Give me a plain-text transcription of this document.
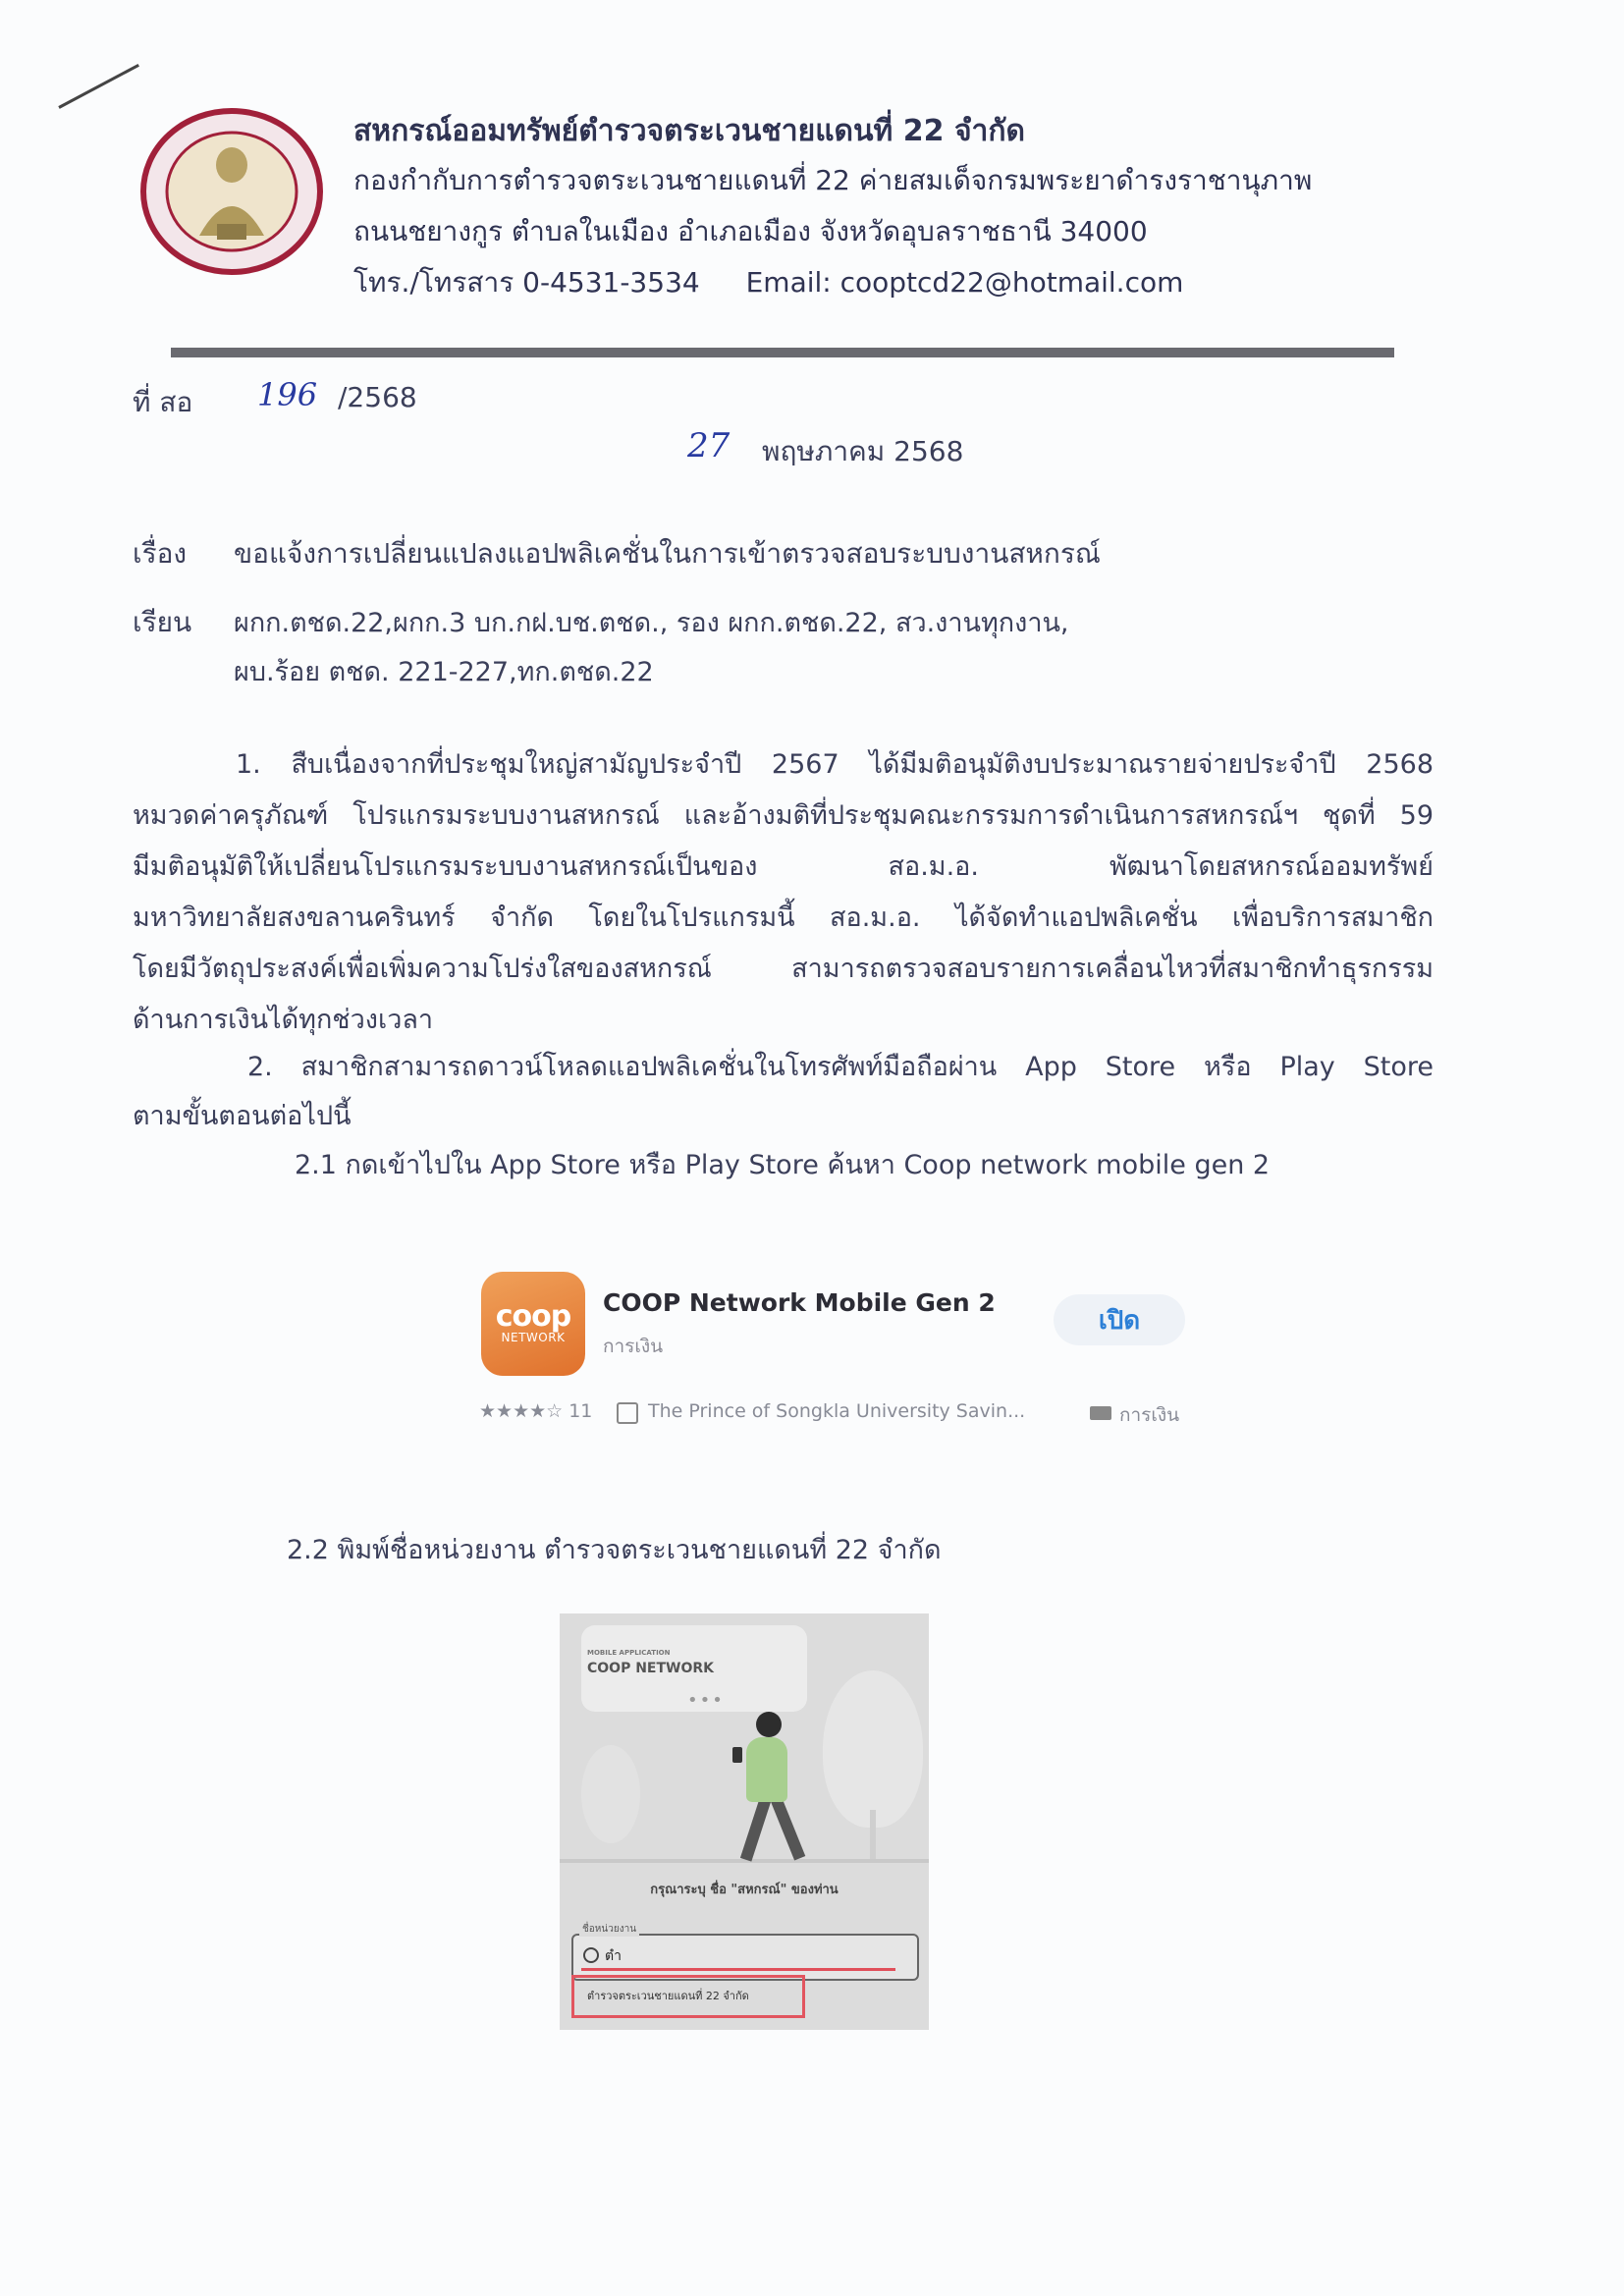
สหกรณ์ออมทรัพย์ตำรวจตระเวนชายแดนที่ 22 จำกัด
กองกำกับการตำรวจตระเวนชายแดนที่ 22 ค่ายสมเด็จกรมพระยาดำรงราชานุภาพ
ถนนชยางกูร ตำบลในเมือง อำเภอเมือง จังหวัดอุบลราชธานี 34000
โทร./โทรสาร 0-4531-3534 Email: cooptcd22@hotmail.com
ที่ สอ 196 /2568
27 พฤษภาคม 2568
เรื่อง ขอแจ้งการเปลี่ยนแปลงแอปพลิเคชั่นในการเข้าตรวจสอบระบบงานสหกรณ์
เรียน ผกก.ตชด.22,ผกก.3 บก.กฝ.บช.ตชด., รอง ผกก.ตชด.22, สว.งานทุกงาน,
ผบ.ร้อย ตชด. 221-227,ทก.ตชด.22
1. สืบเนื่องจากที่ประชุมใหญ่สามัญประจำปี 2567 ได้มีมติอนุมัติงบประมาณรายจ่ายประจำปี 2568
หมวดค่าครุภัณฑ์ โปรแกรมระบบงานสหกรณ์ และอ้างมติที่ประชุมคณะกรรมการดำเนินการสหกรณ์ฯ ชุดที่ 59
มีมติอนุมัติให้เปลี่ยนโปรแกรมระบบงานสหกรณ์เป็นของ สอ.ม.อ. พัฒนาโดยสหกรณ์ออมทรัพย์
มหาวิทยาลัยสงขลานครินทร์ จำกัด โดยในโปรแกรมนี้ สอ.ม.อ. ได้จัดทำแอปพลิเคชั่น เพื่อบริการสมาชิก
โดยมีวัตถุประสงค์เพื่อเพิ่มความโปร่งใสของสหกรณ์ สามารถตรวจสอบรายการเคลื่อนไหวที่สมาชิกทำธุรกรรม
ด้านการเงินได้ทุกช่วงเวลา
2. สมาชิกสามารถดาวน์โหลดแอปพลิเคชั่นในโทรศัพท์มือถือผ่าน App Store หรือ Play Store
ตามขั้นตอนต่อไปนี้
2.1 กดเข้าไปใน App Store หรือ Play Store ค้นหา Coop network mobile gen 2
coop
NETWORK
COOP Network Mobile Gen 2
การเงิน
เปิด
★★★★☆ 11	The Prince of Songkla University Savin...	การเงิน
2.2 พิมพ์ชื่อหน่วยงาน ตำรวจตระเวนชายแดนที่ 22 จำกัด
MOBILE APPLICATION
COOP NETWORK
•••
กรุณาระบุ ชื่อ "สหกรณ์" ของท่าน
ชื่อหน่วยงาน
ตำ
ตำรวจตระเวนชายแดนที่ 22 จำกัด
